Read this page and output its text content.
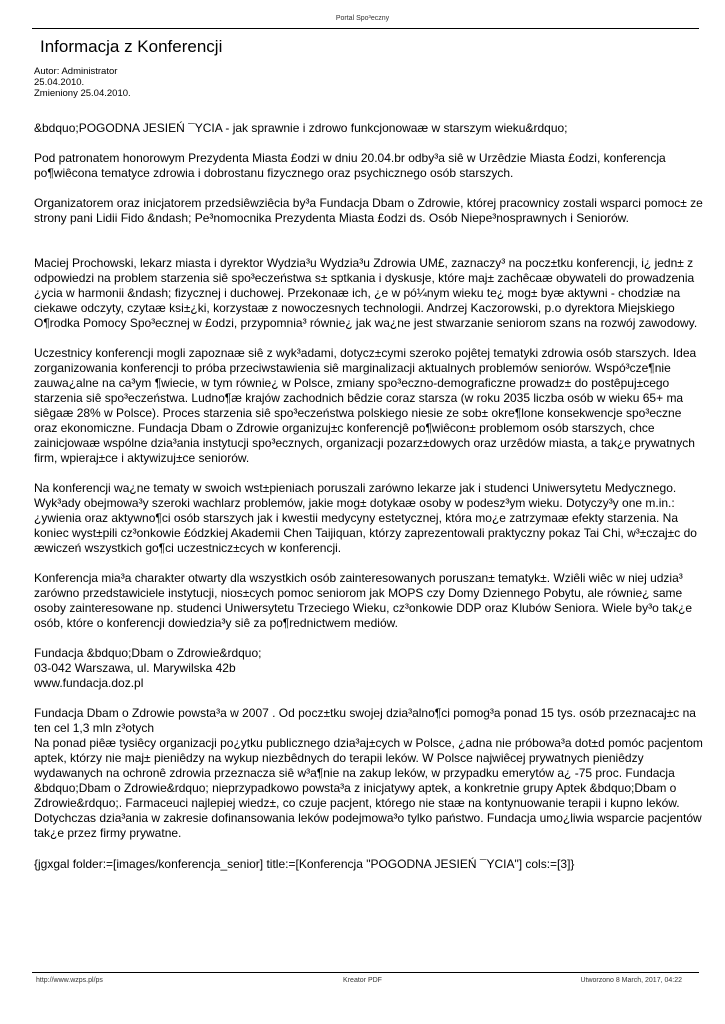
Portal Spo³eczny
Informacja z Konferencji
Autor: Administrator
25.04.2010.
Zmieniony 25.04.2010.

&bdquo;POGODNA JESIEŃ ¯YCIA - jak sprawnie i zdrowo funkcjonowaæ w starszym wieku&rdquo;

Pod patronatem honorowym Prezydenta Miasta £odzi w dniu 20.04.br odby³a siê w Urzêdzie Miasta £odzi, konferencja po¶wiêcona tematyce zdrowia i dobrostanu fizycznego oraz psychicznego osób starszych.

Organizatorem oraz inicjatorem przedsiêwziêcia by³a Fundacja Dbam o Zdrowie, której pracownicy zostali wsparci pomoc± ze strony pani Lidii Fido &ndash; Pe³nomocnika Prezydenta Miasta £odzi ds. Osób Niepe³nosprawnych i Seniorów.

Maciej Prochowski, lekarz miasta i dyrektor Wydzia³u Wydzia³u Zdrowia UM£, zaznaczy³ na pocz±tku konferencji, i¿ jedn± z odpowiedzi na problem starzenia siê spo³eczeństwa s± sptkania i dyskusje, które maj± zachêcaæ obywateli do prowadzenia ¿ycia w harmonii &ndash; fizycznej i duchowej. Przekonaæ ich, ¿e w pó¼nym wieku te¿ mog± byæ aktywni - chodziæ na ciekawe odczyty, czytaæ ksi±¿ki, korzystaæ z nowoczesnych technologii. Andrzej Kaczorowski, p.o dyrektora Miejskiego O¶rodka Pomocy Spo³ecznej w £odzi, przypomnia³ równie¿ jak wa¿ne jest stwarzanie seniorom szans na rozwój zawodowy.

Uczestnicy konferencji mogli zapoznaæ siê z wyk³adami, dotycz±cymi szeroko pojêtej tematyki zdrowia osób starszych. Idea zorganizowania konferencji to próba przeciwstawienia siê marginalizacji aktualnych problemów seniorów. Wspó³cze¶nie zauwa¿alne na ca³ym ¶wiecie, w tym równie¿ w Polsce, zmiany spo³eczno-demograficzne prowadz± do postêpuj±cego starzenia siê spo³eczeństwa. Ludno¶æ krajów zachodnich bêdzie coraz starsza (w roku 2035 liczba osób w wieku 65+ ma siêgaæ 28% w Polsce). Proces starzenia siê spo³eczeństwa polskiego niesie ze sob± okre¶lone konsekwencje spo³eczne oraz ekonomiczne. Fundacja Dbam o Zdrowie organizuj±c konferencjê po¶wiêcon± problemom osób starszych, chce zainicjowaæ wspólne dzia³ania instytucji spo³ecznych, organizacji pozarz±dowych oraz urzêdów miasta, a tak¿e prywatnych firm, wpieraj±ce i aktywizuj±ce seniorów.

Na konferencji wa¿ne tematy w swoich wst±pieniach poruszali zarówno lekarze jak i studenci Uniwersytetu Medycznego. Wyk³ady obejmowa³y szeroki wachlarz problemów, jakie mog± dotykaæ osoby w podesz³ym wieku. Dotyczy³y one m.in.: ¿ywienia oraz aktywno¶ci osób starszych jak i kwestii medycyny estetycznej, która mo¿e zatrzymaæ efekty starzenia. Na koniec wyst±pili cz³onkowie £ódzkiej Akademii Chen Taijiquan, którzy zaprezentowali praktyczny pokaz Tai Chi, w³±czaj±c do æwiczeń wszystkich go¶ci uczestnicz±cych w konferencji.

Konferencja mia³a charakter otwarty dla wszystkich osób zainteresowanych poruszan± tematyk±. Wziêli wiêc w niej udzia³ zarówno przedstawiciele instytucji, nios±cych pomoc seniorom jak MOPS czy Domy Dziennego Pobytu, ale równie¿ same osoby zainteresowane np. studenci Uniwersytetu Trzeciego Wieku, cz³onkowie DDP oraz Klubów Seniora. Wiele by³o tak¿e osób, które o konferencji dowiedzia³y siê za po¶rednictwem mediów.

Fundacja &bdquo;Dbam o Zdrowie&rdquo;
03-042 Warszawa, ul. Marywilska 42b
www.fundacja.doz.pl

Fundacja Dbam o Zdrowie powsta³a w 2007 . Od pocz±tku swojej dzia³alno¶ci pomog³a ponad 15 tys. osób przeznacaj±c na ten cel 1,3 mln z³otych

Na ponad piêæ tysiêcy organizacji po¿ytku publicznego dzia³aj±cych w Polsce, ¿adna nie próbowa³a dot±d pomóc pacjentom aptek, którzy nie maj± pieniêdzy na wykup niezbêdnych do terapii leków. W Polsce najwiêcej prywatnych pieniêdzy wydawanych na ochronê zdrowia przeznacza siê w³a¶nie na zakup leków, w przypadku emerytów a¿ -75 proc. Fundacja &bdquo;Dbam o Zdrowie&rdquo; nieprzypadkowo powsta³a z inicjatywy aptek, a konkretnie grupy Aptek &bdquo;Dbam o Zdrowie&rdquo;. Farmaceuci najlepiej wiedz±, co czuje pacjent, którego nie staæ na kontynuowanie terapii i kupno leków. Dotychczas dzia³ania w zakresie dofinansowania leków podejmowa³o tylko państwo. Fundacja umo¿liwia wsparcie pacjentów tak¿e przez firmy prywatne.

{jgxgal folder:=[images/konferencja_senior] title:=[Konferencja "POGODNA JESIEŃ ¯YCIA"] cols:=[3]}

http://www.wzps.pl/ps	Kreator PDF	Utworzono 8 March, 2017, 04:22
